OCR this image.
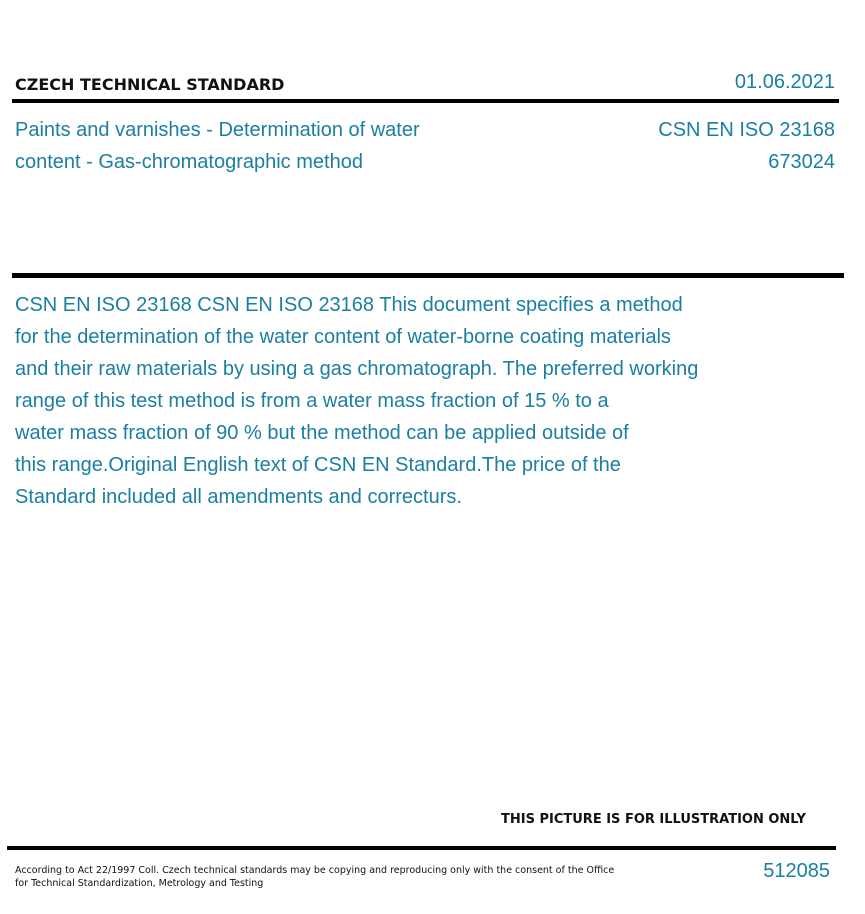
CZECH TECHNICAL STANDARD	01.06.2021
Paints and varnishes - Determination of water
content - Gas-chromatographic method
CSN EN ISO 23168
673024
CSN EN ISO 23168 CSN EN ISO 23168 This document specifies a method
for the determination of the water content of water-borne coating materials
and their raw materials by using a gas chromatograph. The preferred working
range of this test method is from a water mass fraction of 15 % to a
water mass fraction of 90 % but the method can be applied outside of
this range.Original English text of CSN EN Standard.The price of the
Standard included all amendments and correcturs.
THIS PICTURE IS FOR ILLUSTRATION ONLY
According to Act 22/1997 Coll. Czech technical standards may be copying and reproducing only with the consent of the Office
for Technical Standardization, Metrology and Testing
512085
